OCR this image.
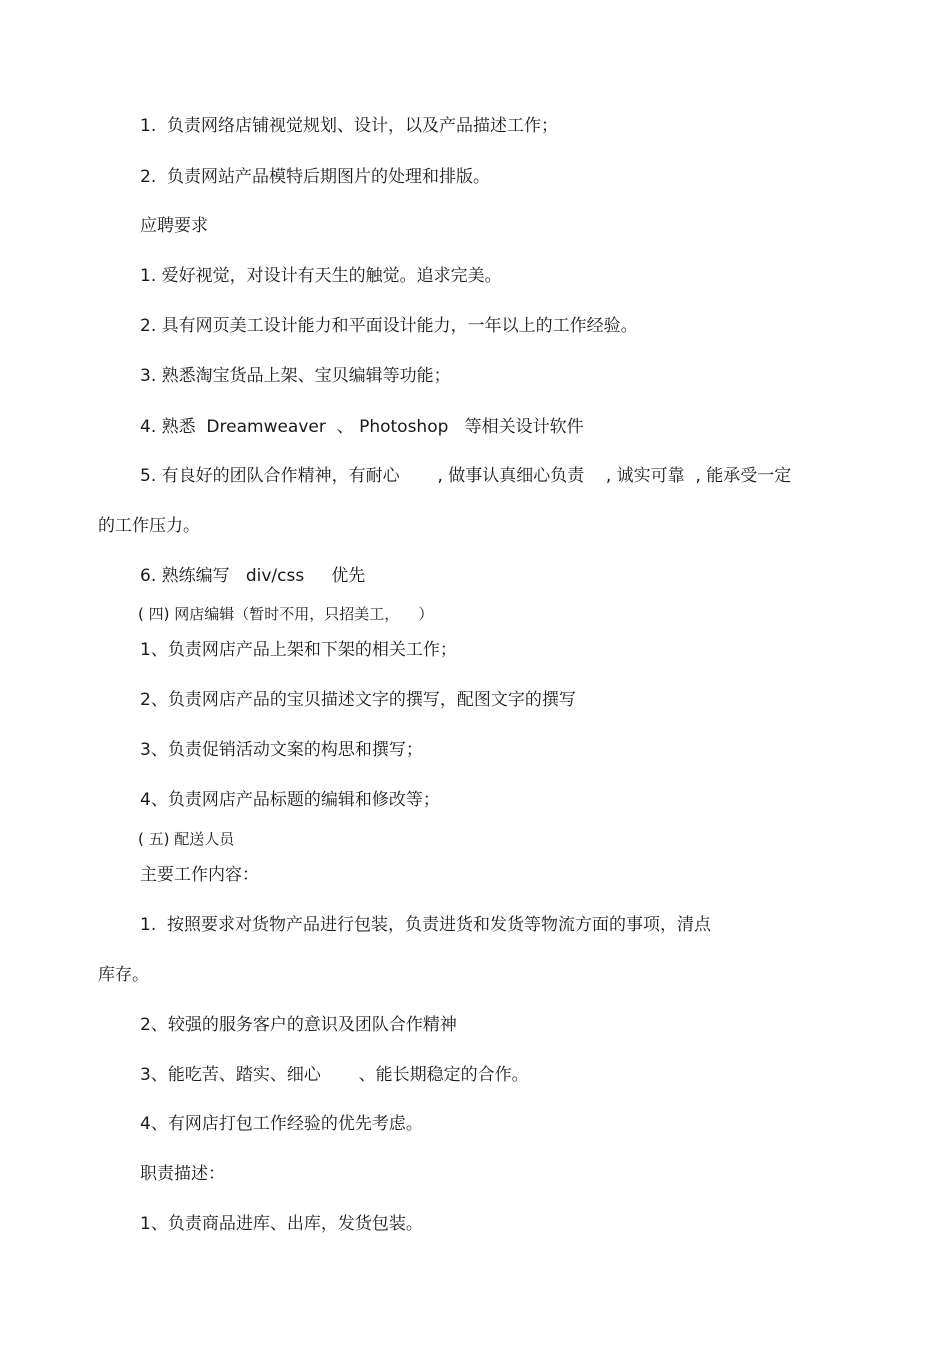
1.  负责网络店铺视觉规划、设计，以及产品描述工作；

2.  负责网站产品模特后期图片的处理和排版。

应聘要求

1. 爱好视觉，对设计有天生的触觉。追求完美。

2. 具有网页美工设计能力和平面设计能力，一年以上的工作经验。

3. 熟悉淘宝货品上架、宝贝编辑等功能；

4. 熟悉  Dreamweaver  、 Photoshop   等相关设计软件

5. 有良好的团队合作精神，有耐心       , 做事认真细心负责    , 诚实可靠  , 能承受一定

的工作压力。

6. 熟练编写   div/css     优先

( 四) 网店编辑（暂时不用，只招美工，    ）

1、负责网店产品上架和下架的相关工作；

2、负责网店产品的宝贝描述文字的撰写，配图文字的撰写

3、负责促销活动文案的构思和撰写；

4、负责网店产品标题的编辑和修改等；

( 五) 配送人员

主要工作内容：

1.  按照要求对货物产品进行包装，负责进货和发货等物流方面的事项，清点

库存。

2、较强的服务客户的意识及团队合作精神

3、能吃苦、踏实、细心       、能长期稳定的合作。

4、有网店打包工作经验的优先考虑。

职责描述：

1、负责商品进库、出库，发货包装。
